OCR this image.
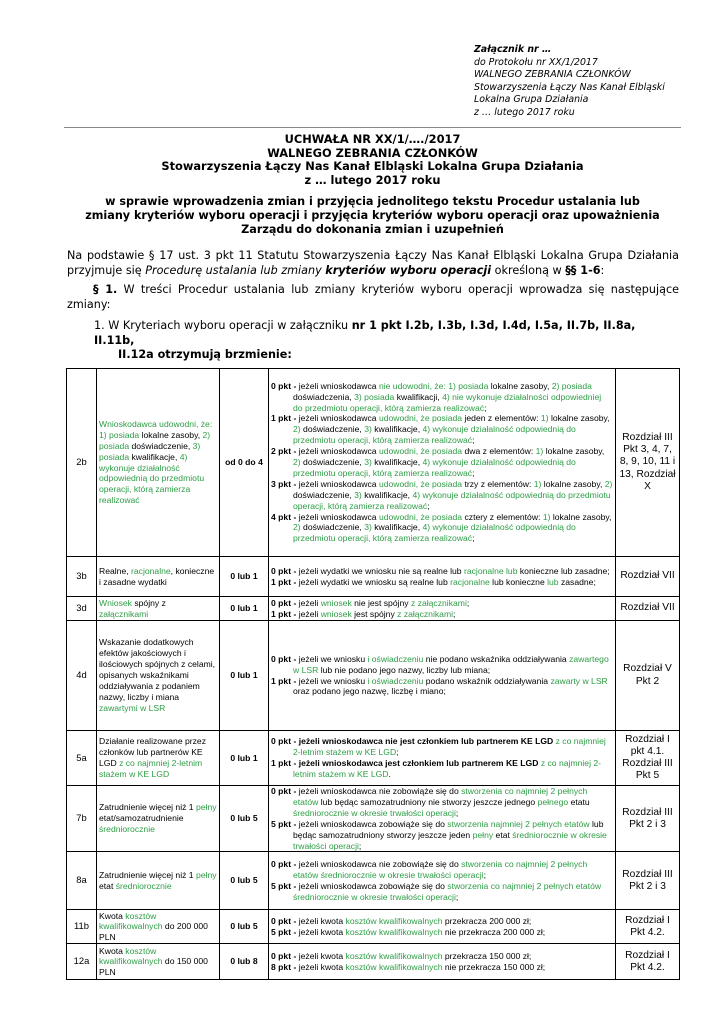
Załącznik nr …
do Protokołu nr XX/1/2017
WALNEGO ZEBRANIA CZŁONKÓW
Stowarzyszenia Łączy Nas Kanał Elbląski
Lokalna Grupa Działania
z … lutego 2017 roku
UCHWAŁA NR XX/1/…./2017
WALNEGO ZEBRANIA CZŁONKÓW
Stowarzyszenia Łączy Nas Kanał Elbląski Lokalna Grupa Działania
z … lutego 2017 roku
w sprawie wprowadzenia zmian i przyjęcia jednolitego tekstu Procedur ustalania lub zmiany kryteriów wyboru operacji i przyjęcia kryteriów wyboru operacji oraz upoważnienia Zarządu do dokonania zmian i uzupełnień
Na podstawie § 17 ust. 3 pkt 11 Statutu Stowarzyszenia Łączy Nas Kanał Elbląski Lokalna Grupa Działania przyjmuje się Procedurę ustalania lub zmiany kryteriów wyboru operacji określoną w §§ 1-6:
§ 1. W treści Procedur ustalania lub zmiany kryteriów wyboru operacji wprowadza się następujące zmiany:
1. W Kryteriach wyboru operacji w załączniku nr 1 pkt I.2b, I.3b, I.3d, I.4d, I.5a, II.7b, II.8a, II.11b,
II.12a otrzymują brzmienie:
2b	Wnioskodawca udowodni, że: 1) posiada lokalne zasoby, 2) posiada doświadczenie, 3) posiada kwalifikacje, 4) wykonuje działalność odpowiednią do przedmiotu operacji, którą zamierza realizować	od 0 do 4	0 pkt - jeżeli wnioskodawca nie udowodni, że: 1) posiada lokalne zasoby, 2) posiada doświadczenia, 3) posiada kwalifikacji, 4) nie wykonuje działalności odpowiedniej do przedmiotu operacji, którą zamierza realizować;
1 pkt - jeżeli wnioskodawca udowodni, że posiada jeden z elementów: 1) lokalne zasoby, 2) doświadczenie, 3) kwalifikacje, 4) wykonuje działalność odpowiednią do przedmiotu operacji, którą zamierza realizować;
2 pkt - jeżeli wnioskodawca udowodni, że posiada dwa z elementów: 1) lokalne zasoby, 2) doświadczenie, 3) kwalifikacje, 4) wykonuje działalność odpowiednią do przedmiotu operacji, którą zamierza realizować;
3 pkt - jeżeli wnioskodawca udowodni, że posiada trzy z elementów: 1) lokalne zasoby, 2) doświadczenie, 3) kwalifikacje, 4) wykonuje działalność odpowiednią do przedmiotu operacji, którą zamierza realizować;
4 pkt - jeżeli wnioskodawca udowodni, że posiada cztery z elementów: 1) lokalne zasoby, 2) doświadczenie, 3) kwalifikacje, 4) wykonuje działalność odpowiednią do przedmiotu operacji, którą zamierza realizować;	Rozdział III Pkt 3, 4, 7, 8, 9, 10, 11 i 13, Rozdział X
3b	Realne, racjonalne, konieczne i zasadne wydatki	0 lub 1	0 pkt - jeżeli wydatki we wniosku nie są realne lub racjonalne lub konieczne lub zasadne;
1 pkt - jeżeli wydatki we wniosku są realne lub racjonalne lub konieczne lub zasadne;	Rozdział VII
3d	Wniosek spójny z załącznikami	0 lub 1	0 pkt - jeżeli wniosek nie jest spójny z załącznikami;
1 pkt - jeżeli wniosek jest spójny z załącznikami;	Rozdział VII
4d	Wskazanie dodatkowych efektów jakościowych i ilościowych spójnych z celami, opisanych wskaźnikami oddziaływania z podaniem nazwy, liczby i miana zawartymi w LSR	0 lub 1	0 pkt - jeżeli we wniosku i oświadczeniu nie podano wskaźnika oddziaływania zawartego w LSR lub nie podano jego nazwy, liczby lub miana;
1 pkt - jeżeli we wniosku i oświadczeniu podano wskaźnik oddziaływania zawarty w LSR oraz podano jego nazwę, liczbę i miano;	Rozdział V Pkt 2
5a	Działanie realizowane przez członków lub partnerów KE LGD z co najmniej 2-letnim stażem w KE LGD	0 lub 1	0 pkt - jeżeli wnioskodawca nie jest członkiem lub partnerem KE LGD z co najmniej 2-letnim stażem w KE LGD;
1 pkt - jeżeli wnioskodawca jest członkiem lub partnerem KE LGD z co najmniej 2-letnim stażem w KE LGD.	Rozdział I pkt 4.1. Rozdział III Pkt 5
7b	Zatrudnienie więcej niż 1 pełny etat/samozatrudnienie średniorocznie	0 lub 5	0 pkt - jeżeli wnioskodawca nie zobowiąże się do stworzenia co najmniej 2 pełnych etatów lub będąc samozatrudniony nie stworzy jeszcze jednego pełnego etatu średniorocznie w okresie trwałości operacji;
5 pkt - jeżeli wnioskodawca zobowiąże się do stworzenia najmniej 2 pełnych etatów lub będąc samozatrudniony stworzy jeszcze jeden pełny etat średniorocznie w okresie trwałości operacji;	Rozdział III Pkt 2 i 3
8a	Zatrudnienie więcej niż 1 pełny etat średniorocznie	0 lub 5	0 pkt - jeżeli wnioskodawca nie zobowiąże się do stworzenia co najmniej 2 pełnych etatów średniorocznie w okresie trwałości operacji;
5 pkt - jeżeli wnioskodawca zobowiąże się do stworzenia co najmniej 2 pełnych etatów średniorocznie w okresie trwałości operacji;	Rozdział III Pkt 2 i 3
11b	Kwota kosztów kwalifikowalnych do 200 000 PLN	0 lub 5	0 pkt - jeżeli kwota kosztów kwalifikowalnych przekracza 200 000 zł;
5 pkt - jeżeli kwota kosztów kwalifikowalnych nie przekracza 200 000 zł;	Rozdział I Pkt 4.2.
12a	Kwota kosztów kwalifikowalnych do 150 000 PLN	0 lub 8	0 pkt - jeżeli kwota kosztów kwalifikowalnych przekracza 150 000 zł;
8 pkt - jeżeli kwota kosztów kwalifikowalnych nie przekracza 150 000 zł;	Rozdział I Pkt 4.2.
